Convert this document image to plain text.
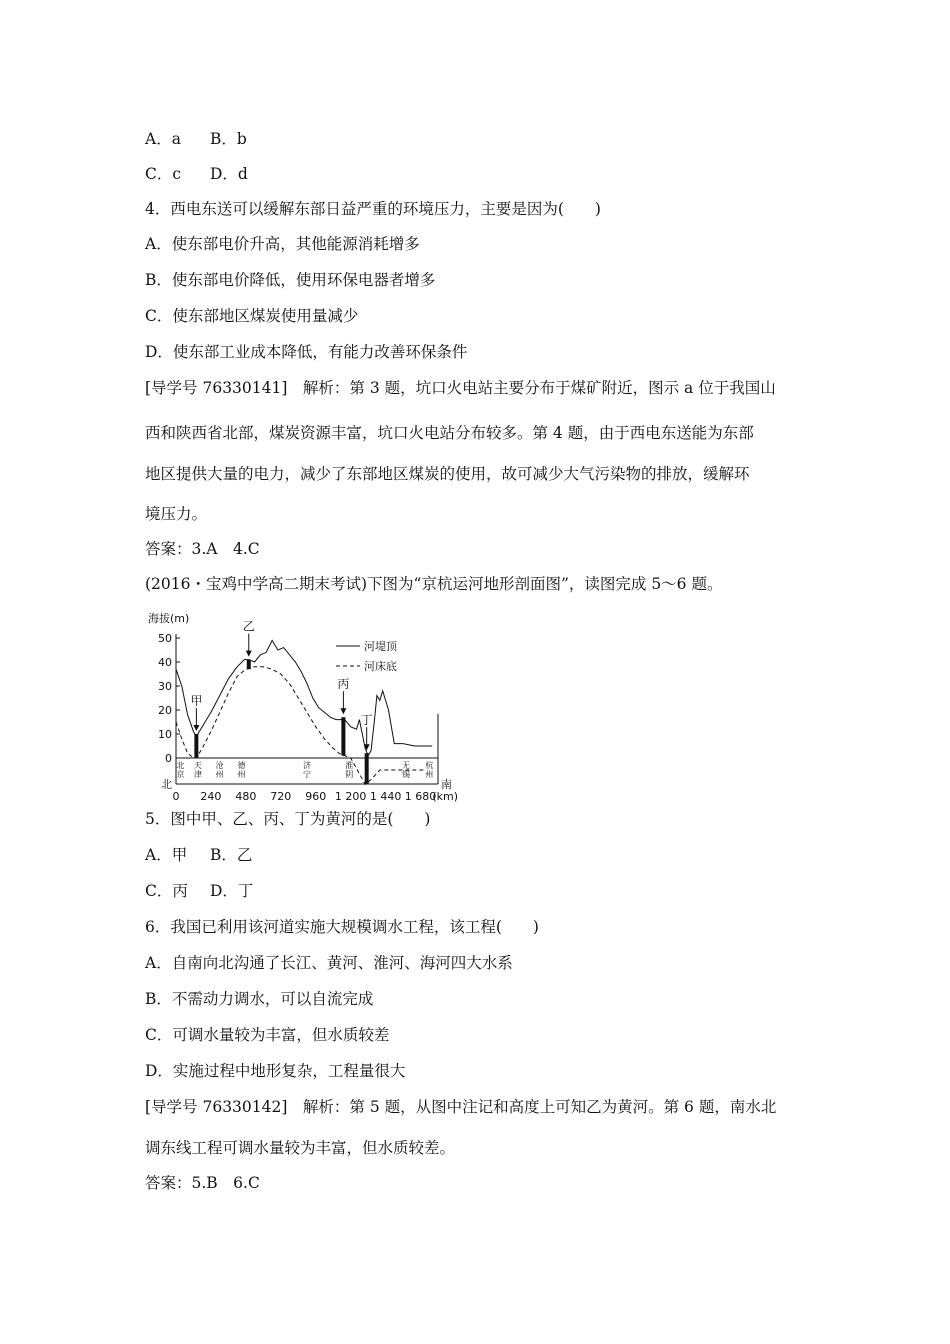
A．a B．b
C．c D．d
4．西电东送可以缓解东部日益严重的环境压力，主要是因为(　　)
A．使东部电价升高，其他能源消耗增多
B．使东部电价降低，使用环保电器者增多
C．使东部地区煤炭使用量减少
D．使东部工业成本降低，有能力改善环保条件
[导学号 76330141]　解析：第 3 题，坑口火电站主要分布于煤矿附近，图示 a 位于我国山
西和陕西省北部，煤炭资源丰富，坑口火电站分布较多。第 4 题，由于西电东送能为东部
地区提供大量的电力，减少了东部地区煤炭的使用，故可减少大气污染物的排放，缓解环
境压力。
答案：3.A　4.C
(2016・宝鸡中学高二期末考试)下图为“京杭运河地形剖面图”，读图完成 5～6 题。
海拔(m)
0
10
20
30
40
50
北	南
0 240 480 720 960 1 200 1 440 1 680
(km)
北
京
天
津
沧
州
德
州
济
宁
淮
阴
无
锡
杭
州
河堤顶
河床底
甲
乙
丙
丁
5．图中甲、乙、丙、丁为黄河的是(　　)
A．甲 B．乙
C．丙 D．丁
6．我国已利用该河道实施大规模调水工程，该工程(　　)
A．自南向北沟通了长江、黄河、淮河、海河四大水系
B．不需动力调水，可以自流完成
C．可调水量较为丰富，但水质较差
D．实施过程中地形复杂，工程量很大
[导学号 76330142]　解析：第 5 题，从图中注记和高度上可知乙为黄河。第 6 题，南水北
调东线工程可调水量较为丰富，但水质较差。
答案：5.B　6.C
